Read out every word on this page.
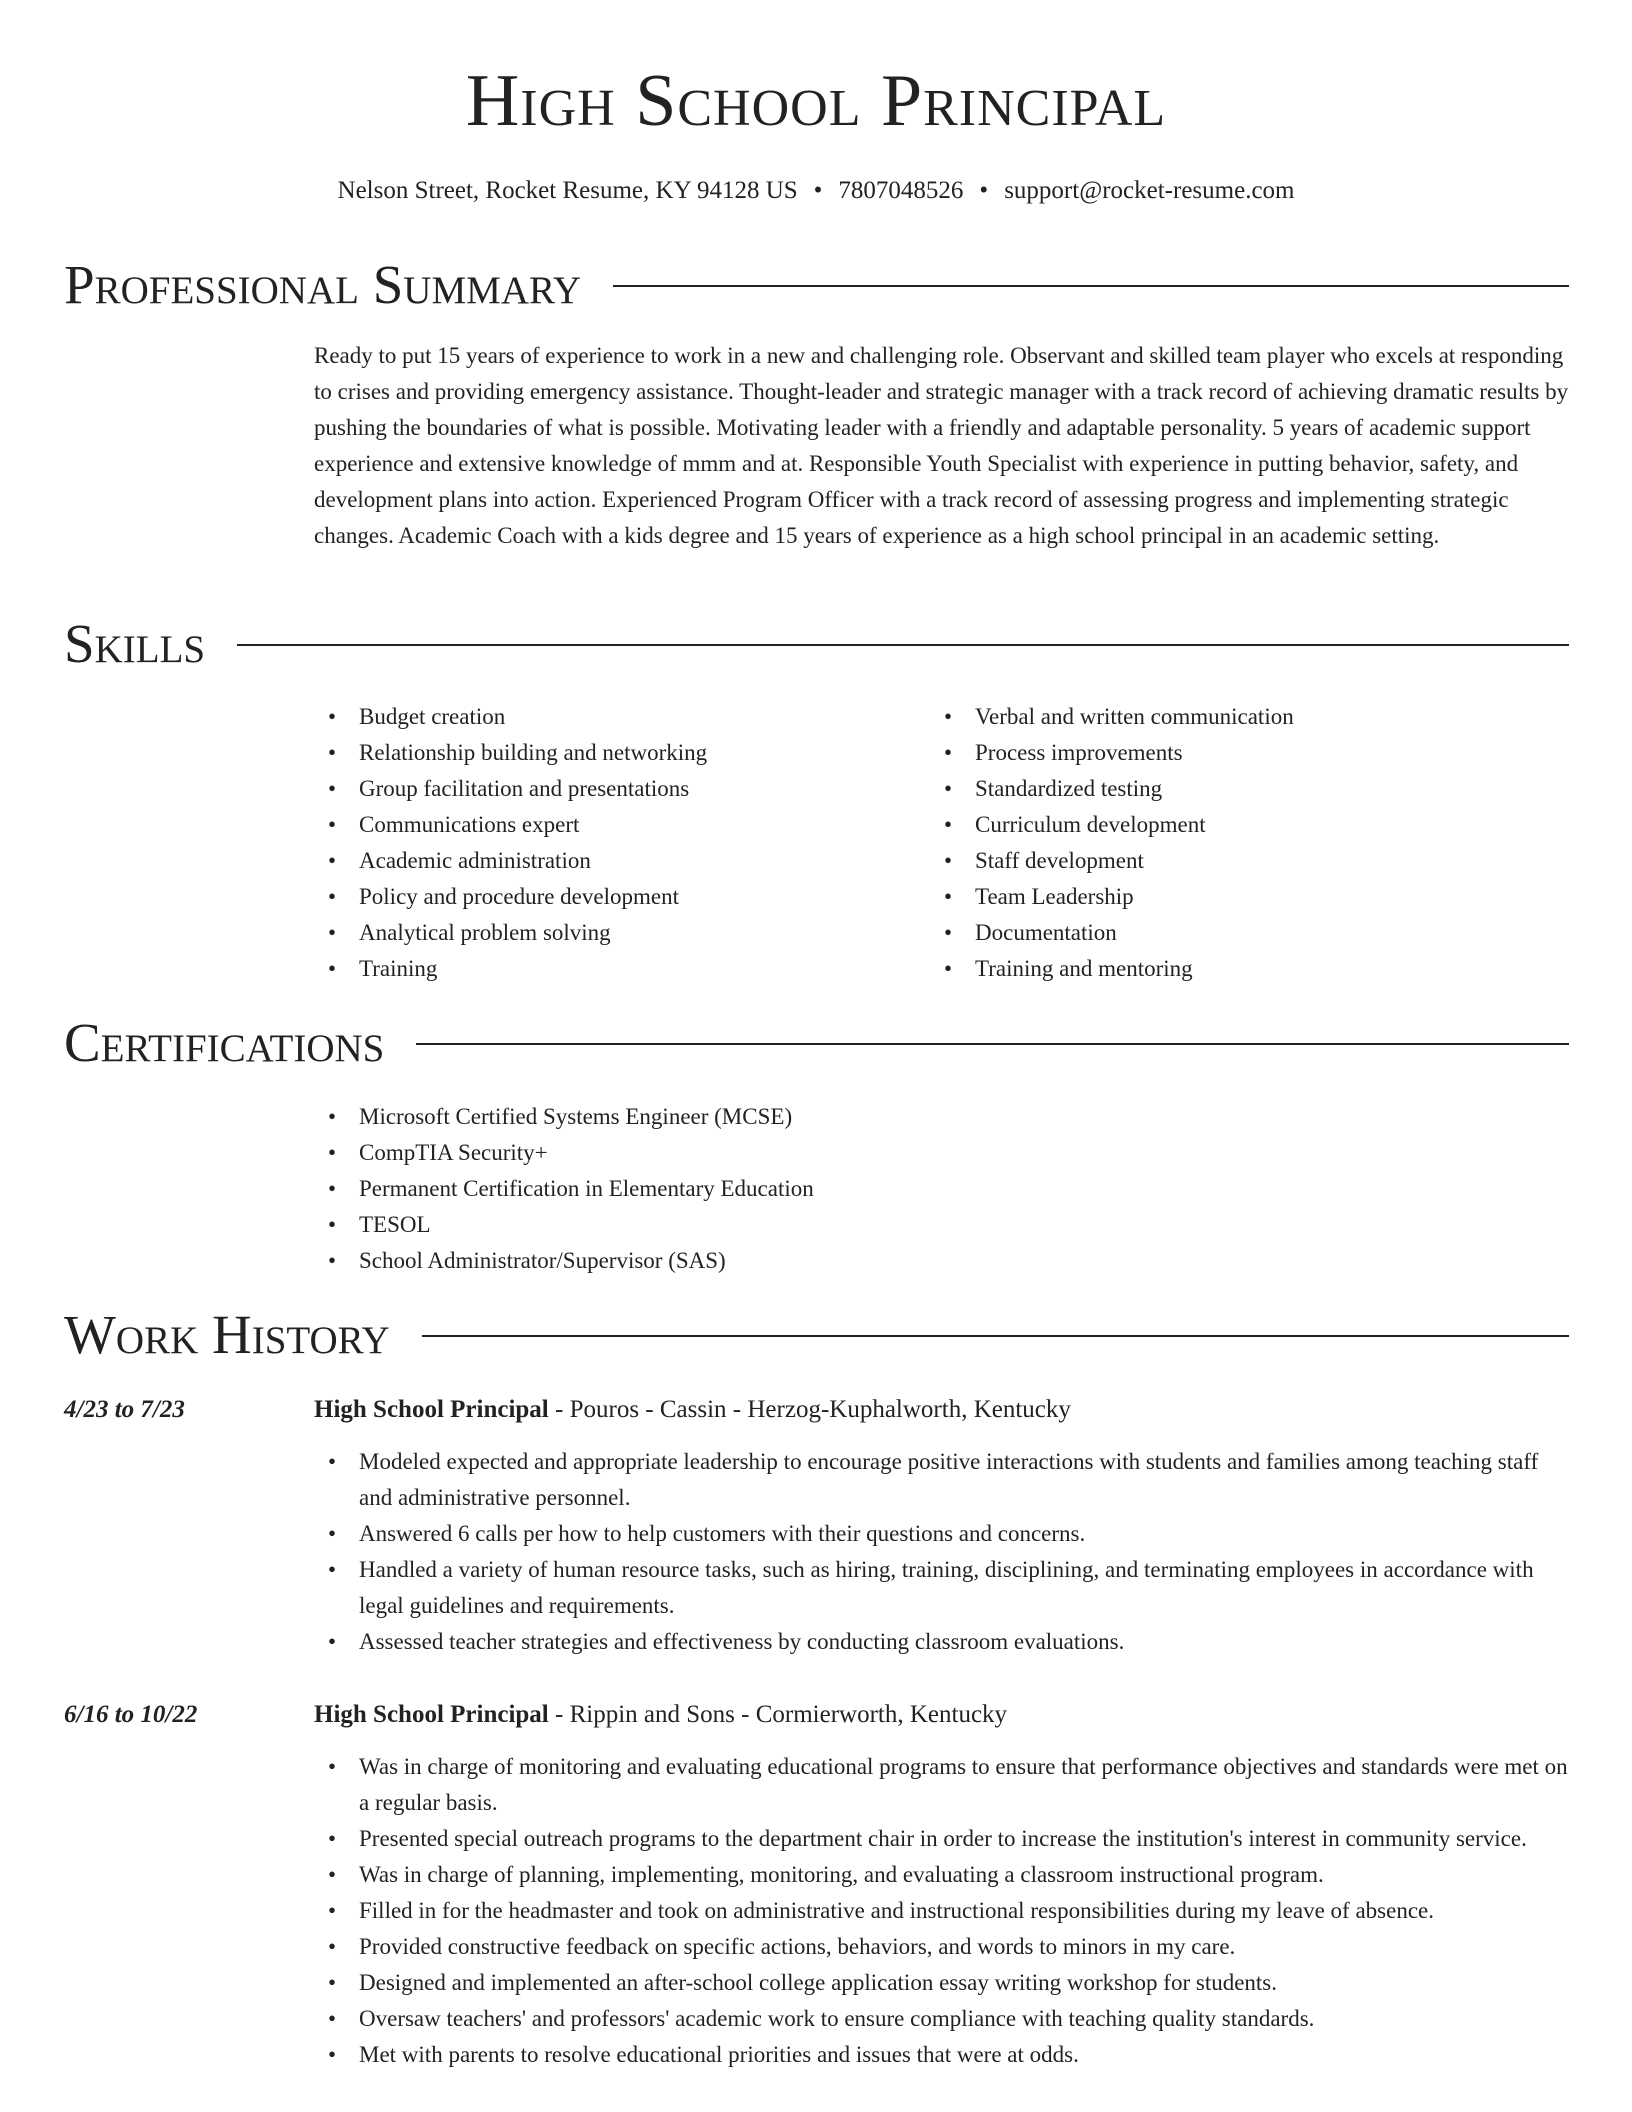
High School Principal
Nelson Street, Rocket Resume, KY 94128 US • 7807048526 • support@rocket-resume.com
Professional Summary

Ready to put 15 years of experience to work in a new and challenging role. Observant and skilled team player who excels at responding to crises and providing emergency assistance. Thought-leader and strategic manager with a track record of achieving dramatic results by pushing the boundaries of what is possible. Motivating leader with a friendly and adaptable personality. 5 years of academic support experience and extensive knowledge of mmm and at. Responsible Youth Specialist with experience in putting behavior, safety, and development plans into action. Experienced Program Officer with a track record of assessing progress and implementing strategic changes. Academic Coach with a kids degree and 15 years of experience as a high school principal in an academic setting.

Skills
• Budget creation
• Relationship building and networking
• Group facilitation and presentations
• Communications expert
• Academic administration
• Policy and procedure development
• Analytical problem solving
• Training
• Verbal and written communication
• Process improvements
• Standardized testing
• Curriculum development
• Staff development
• Team Leadership
• Documentation
• Training and mentoring
Certifications
• Microsoft Certified Systems Engineer (MCSE)
• CompTIA Security+
• Permanent Certification in Elementary Education
• TESOL
• School Administrator/Supervisor (SAS)
Work History
4/23 to 7/23	High School Principal - Pouros - Cassin - Herzog-Kuphalworth, Kentucky
• Modeled expected and appropriate leadership to encourage positive interactions with students and families among teaching staff and administrative personnel.
• Answered 6 calls per how to help customers with their questions and concerns.
• Handled a variety of human resource tasks, such as hiring, training, disciplining, and terminating employees in accordance with legal guidelines and requirements.
• Assessed teacher strategies and effectiveness by conducting classroom evaluations.
6/16 to 10/22	High School Principal - Rippin and Sons - Cormierworth, Kentucky
• Was in charge of monitoring and evaluating educational programs to ensure that performance objectives and standards were met on a regular basis.
• Presented special outreach programs to the department chair in order to increase the institution's interest in community service.
• Was in charge of planning, implementing, monitoring, and evaluating a classroom instructional program.
• Filled in for the headmaster and took on administrative and instructional responsibilities during my leave of absence.
• Provided constructive feedback on specific actions, behaviors, and words to minors in my care.
• Designed and implemented an after-school college application essay writing workshop for students.
• Oversaw teachers' and professors' academic work to ensure compliance with teaching quality standards.
• Met with parents to resolve educational priorities and issues that were at odds.
